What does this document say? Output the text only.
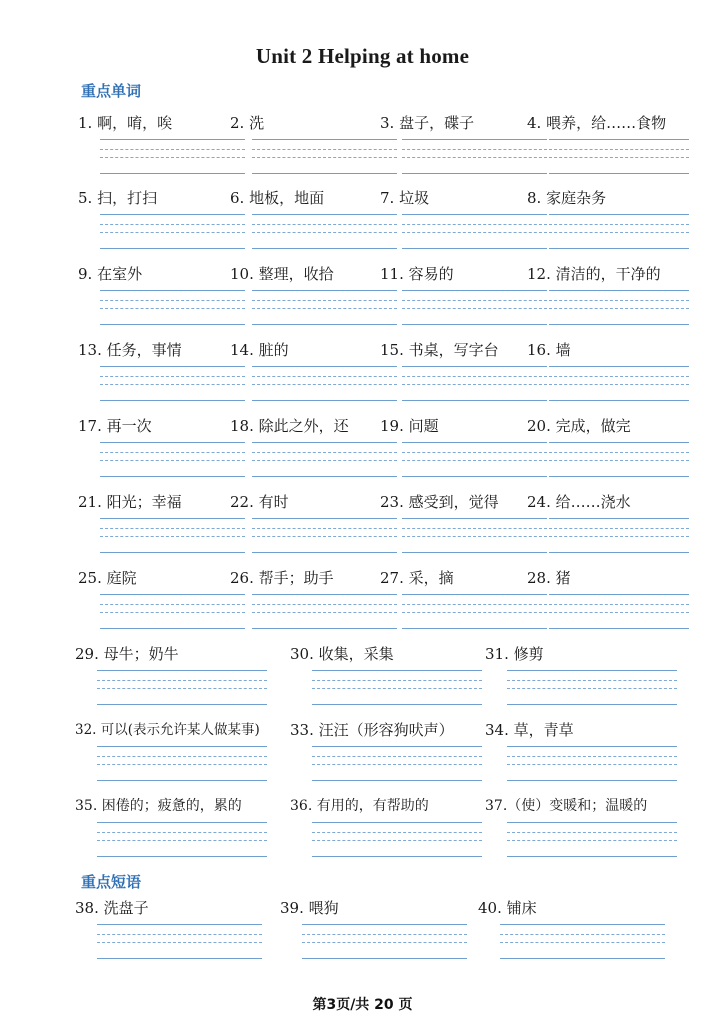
Unit 2 Helping at home
重点单词
重点短语
1. 啊，唷，唉	2. 洗	3. 盘子，碟子	4. 喂养，给……食物
5. 扫，打扫	6. 地板，地面	7. 垃圾	8. 家庭杂务
9. 在室外	10. 整理，收拾	11. 容易的	12. 清洁的，干净的
13. 任务，事情	14. 脏的	15. 书桌，写字台 16. 墙
17. 再一次	18. 除此之外，还 19. 问题	20. 完成，做完
21. 阳光；幸福	22. 有时	23. 感受到，觉得 24. 给……浇水
25. 庭院	26. 帮手；助手	27. 采，摘	28. 猪
29. 母牛；奶牛	30. 收集，采集	31. 修剪
32. 可以(表示允许某人做某事) 33. 汪汪（形容狗吠声） 34. 草，青草
35. 困倦的；疲惫的，累的	36. 有用的，有帮助的	37.（使）变暖和；温暖的
38. 洗盘子	39. 喂狗	40. 铺床
第3页/共 20 页
